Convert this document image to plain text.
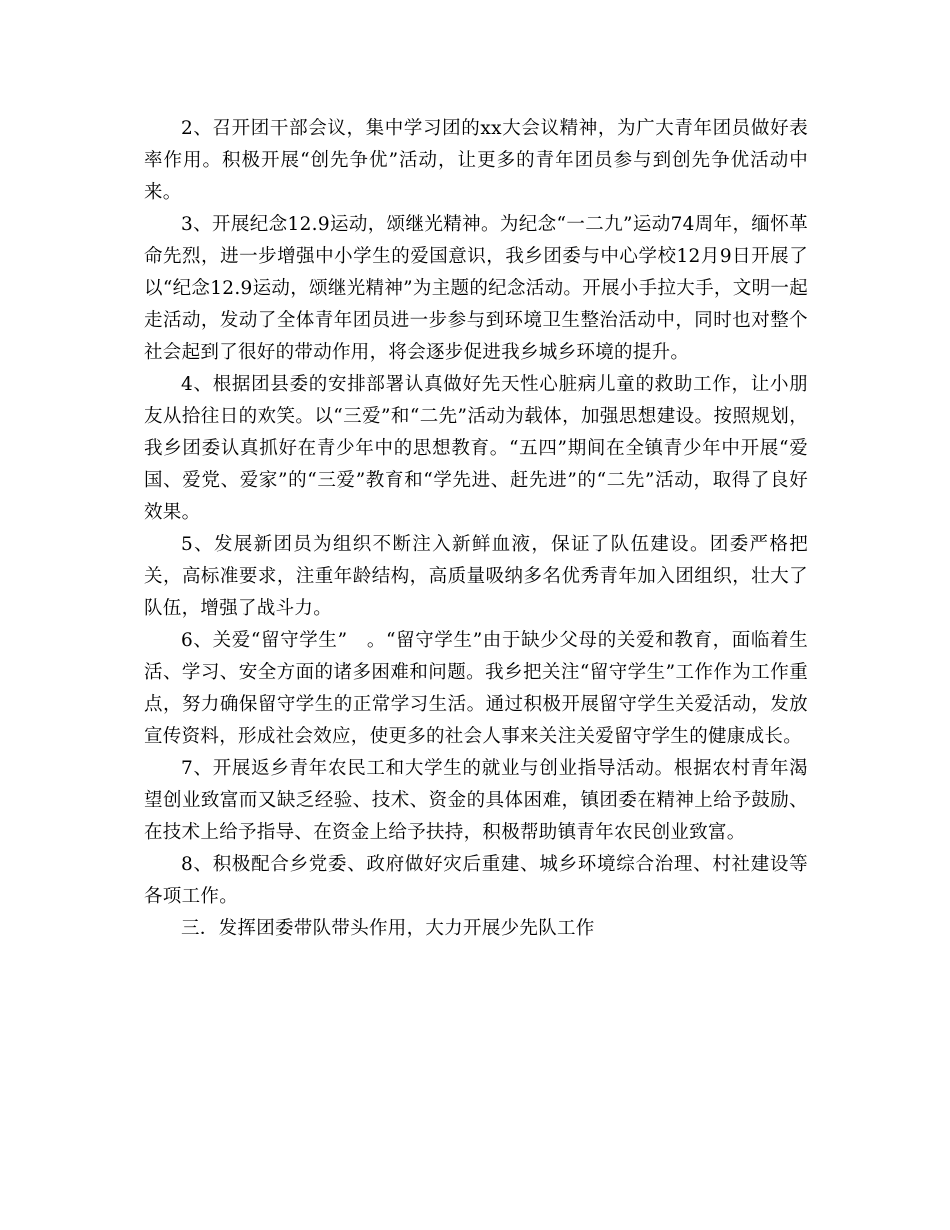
2、召开团干部会议，集中学习团的xx大会议精神，为广大青年团员做好表率作用。积极开展“创先争优”活动，让更多的青年团员参与到创先争优活动中来。

3、开展纪念12.9运动，颂继光精神。为纪念“一二九”运动74周年，缅怀革命先烈，进一步增强中小学生的爱国意识，我乡团委与中心学校12月9日开展了以“纪念12.9运动，颂继光精神”为主题的纪念活动。开展小手拉大手，文明一起走活动，发动了全体青年团员进一步参与到环境卫生整治活动中，同时也对整个社会起到了很好的带动作用，将会逐步促进我乡城乡环境的提升。

4、根据团县委的安排部署认真做好先天性心脏病儿童的救助工作，让小朋友从拾往日的欢笑。以“三爱”和“二先”活动为载体，加强思想建设。按照规划，我乡团委认真抓好在青少年中的思想教育。“五四”期间在全镇青少年中开展“爱国、爱党、爱家”的“三爱”教育和“学先进、赶先进”的“二先”活动，取得了良好效果。

5、发展新团员为组织不断注入新鲜血液，保证了队伍建设。团委严格把关，高标准要求，注重年龄结构，高质量吸纳多名优秀青年加入团组织，壮大了队伍，增强了战斗力。

6、关爱“留守学生”　。“留守学生”由于缺少父母的关爱和教育，面临着生活、学习、安全方面的诸多困难和问题。我乡把关注“留守学生”工作作为工作重点，努力确保留守学生的正常学习生活。通过积极开展留守学生关爱活动，发放宣传资料，形成社会效应，使更多的社会人事来关注关爱留守学生的健康成长。

7、开展返乡青年农民工和大学生的就业与创业指导活动。根据农村青年渴望创业致富而又缺乏经验、技术、资金的具体困难，镇团委在精神上给予鼓励、在技术上给予指导、在资金上给予扶持，积极帮助镇青年农民创业致富。

8、积极配合乡党委、政府做好灾后重建、城乡环境综合治理、村社建设等各项工作。

三．发挥团委带队带头作用，大力开展少先队工作
